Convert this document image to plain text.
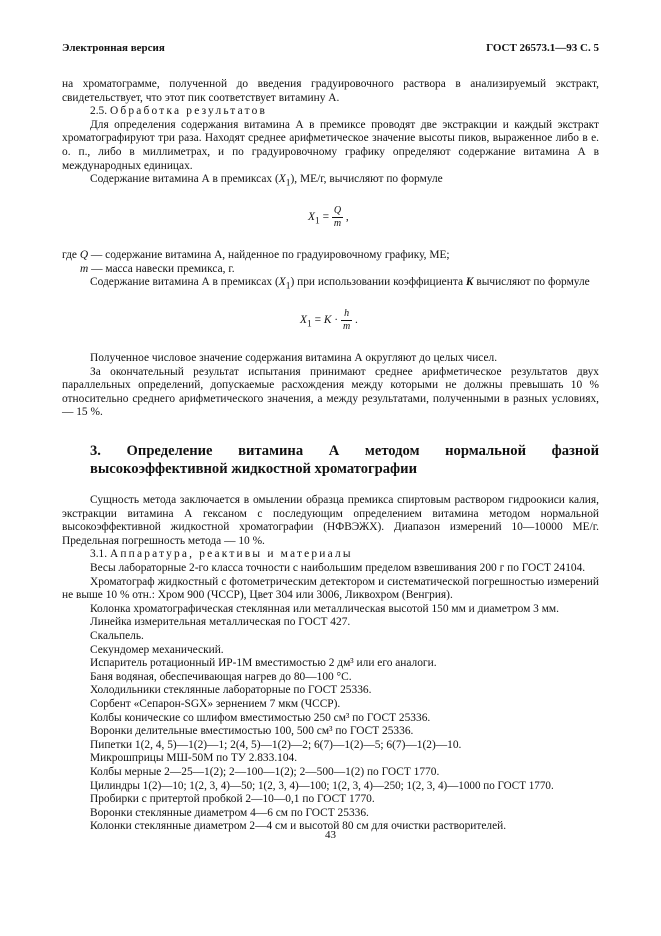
Электронная версия	ГОСТ 26573.1—93 С. 5

на хроматограмме, полученной до введения градуировочного раствора в анализируемый экстракт, свидетельствует, что этот пик соответствует витамину А.

2.5. Обработка результатов

Для определения содержания витамина А в премиксе проводят две экстракции и каждый экстракт хроматографируют три раза. Находят среднее арифметическое значение высоты пиков, выраженное либо в е. о. п., либо в миллиметрах, и по градуировочному графику определяют содержание витамина А в международных единицах.

Содержание витамина А в премиксах $(X_1)$, МЕ/г, вычисляют по формуле

$X_1 = \frac{Q}{m}$ ,

где Q — содержание витамина А, найденное по градуировочному графику, МЕ;

m — масса навески премикса, г.

Содержание витамина А в премиксах $(X_1)$ при использовании коэффициента K вычисляют по формуле

$X_1 = K \cdot \frac{h}{m}$ .

Полученное числовое значение содержания витамина А округляют до целых чисел.

За окончательный результат испытания принимают среднее арифметическое результатов двух параллельных определений, допускаемые расхождения между которыми не должны превышать 10 % относительно среднего арифметического значения, а между результатами, полученными в разных условиях, — 15 %.

3. Определение витамина А методом нормальной фазной высокоэффективной жидкостной хроматографии

Сущность метода заключается в омылении образца премикса спиртовым раствором гидроокиси калия, экстракции витамина А гексаном с последующим определением витамина методом нормальной высокоэффективной жидкостной хроматографии (НФВЭЖХ). Диапазон измерений 10—10000 МЕ/г. Предельная погрешность метода — 10 %.

3.1. Аппаратура, реактивы и материалы

Весы лабораторные 2-го класса точности с наибольшим пределом взвешивания 200 г по ГОСТ 24104.

Хроматограф жидкостный с фотометрическим детектором и систематической погрешностью измерений не выше 10 % отн.: Хром 900 (ЧССР), Цвет 304 или 3006, Ликвохром (Венгрия).

Колонка хроматографическая стеклянная или металлическая высотой 150 мм и диаметром 3 мм.

Линейка измерительная металлическая по ГОСТ 427.

Скальпель.

Секундомер механический.

Испаритель ротационный ИР-1М вместимостью 2 дм³ или его аналоги.

Баня водяная, обеспечивающая нагрев до 80—100 °С.

Холодильники стеклянные лабораторные по ГОСТ 25336.

Сорбент «Сепарон-SGX» зернением 7 мкм (ЧССР).

Колбы конические со шлифом вместимостью 250 см³ по ГОСТ 25336.

Воронки делительные вместимостью 100, 500 см³ по ГОСТ 25336.

Пипетки 1(2, 4, 5)—1(2)—1; 2(4, 5)—1(2)—2; 6(7)—1(2)—5; 6(7)—1(2)—10.

Микрошприцы МШ-50М по ТУ 2.833.104.

Колбы мерные 2—25—1(2); 2—100—1(2); 2—500—1(2) по ГОСТ 1770.

Цилиндры 1(2)—10; 1(2, 3, 4)—50; 1(2, 3, 4)—100; 1(2, 3, 4)—250; 1(2, 3, 4)—1000 по ГОСТ 1770.

Пробирки с притертой пробкой 2—10—0,1 по ГОСТ 1770.

Воронки стеклянные диаметром 4—6 см по ГОСТ 25336.

Колонки стеклянные диаметром 2—4 см и высотой 80 см для очистки растворителей.

43
